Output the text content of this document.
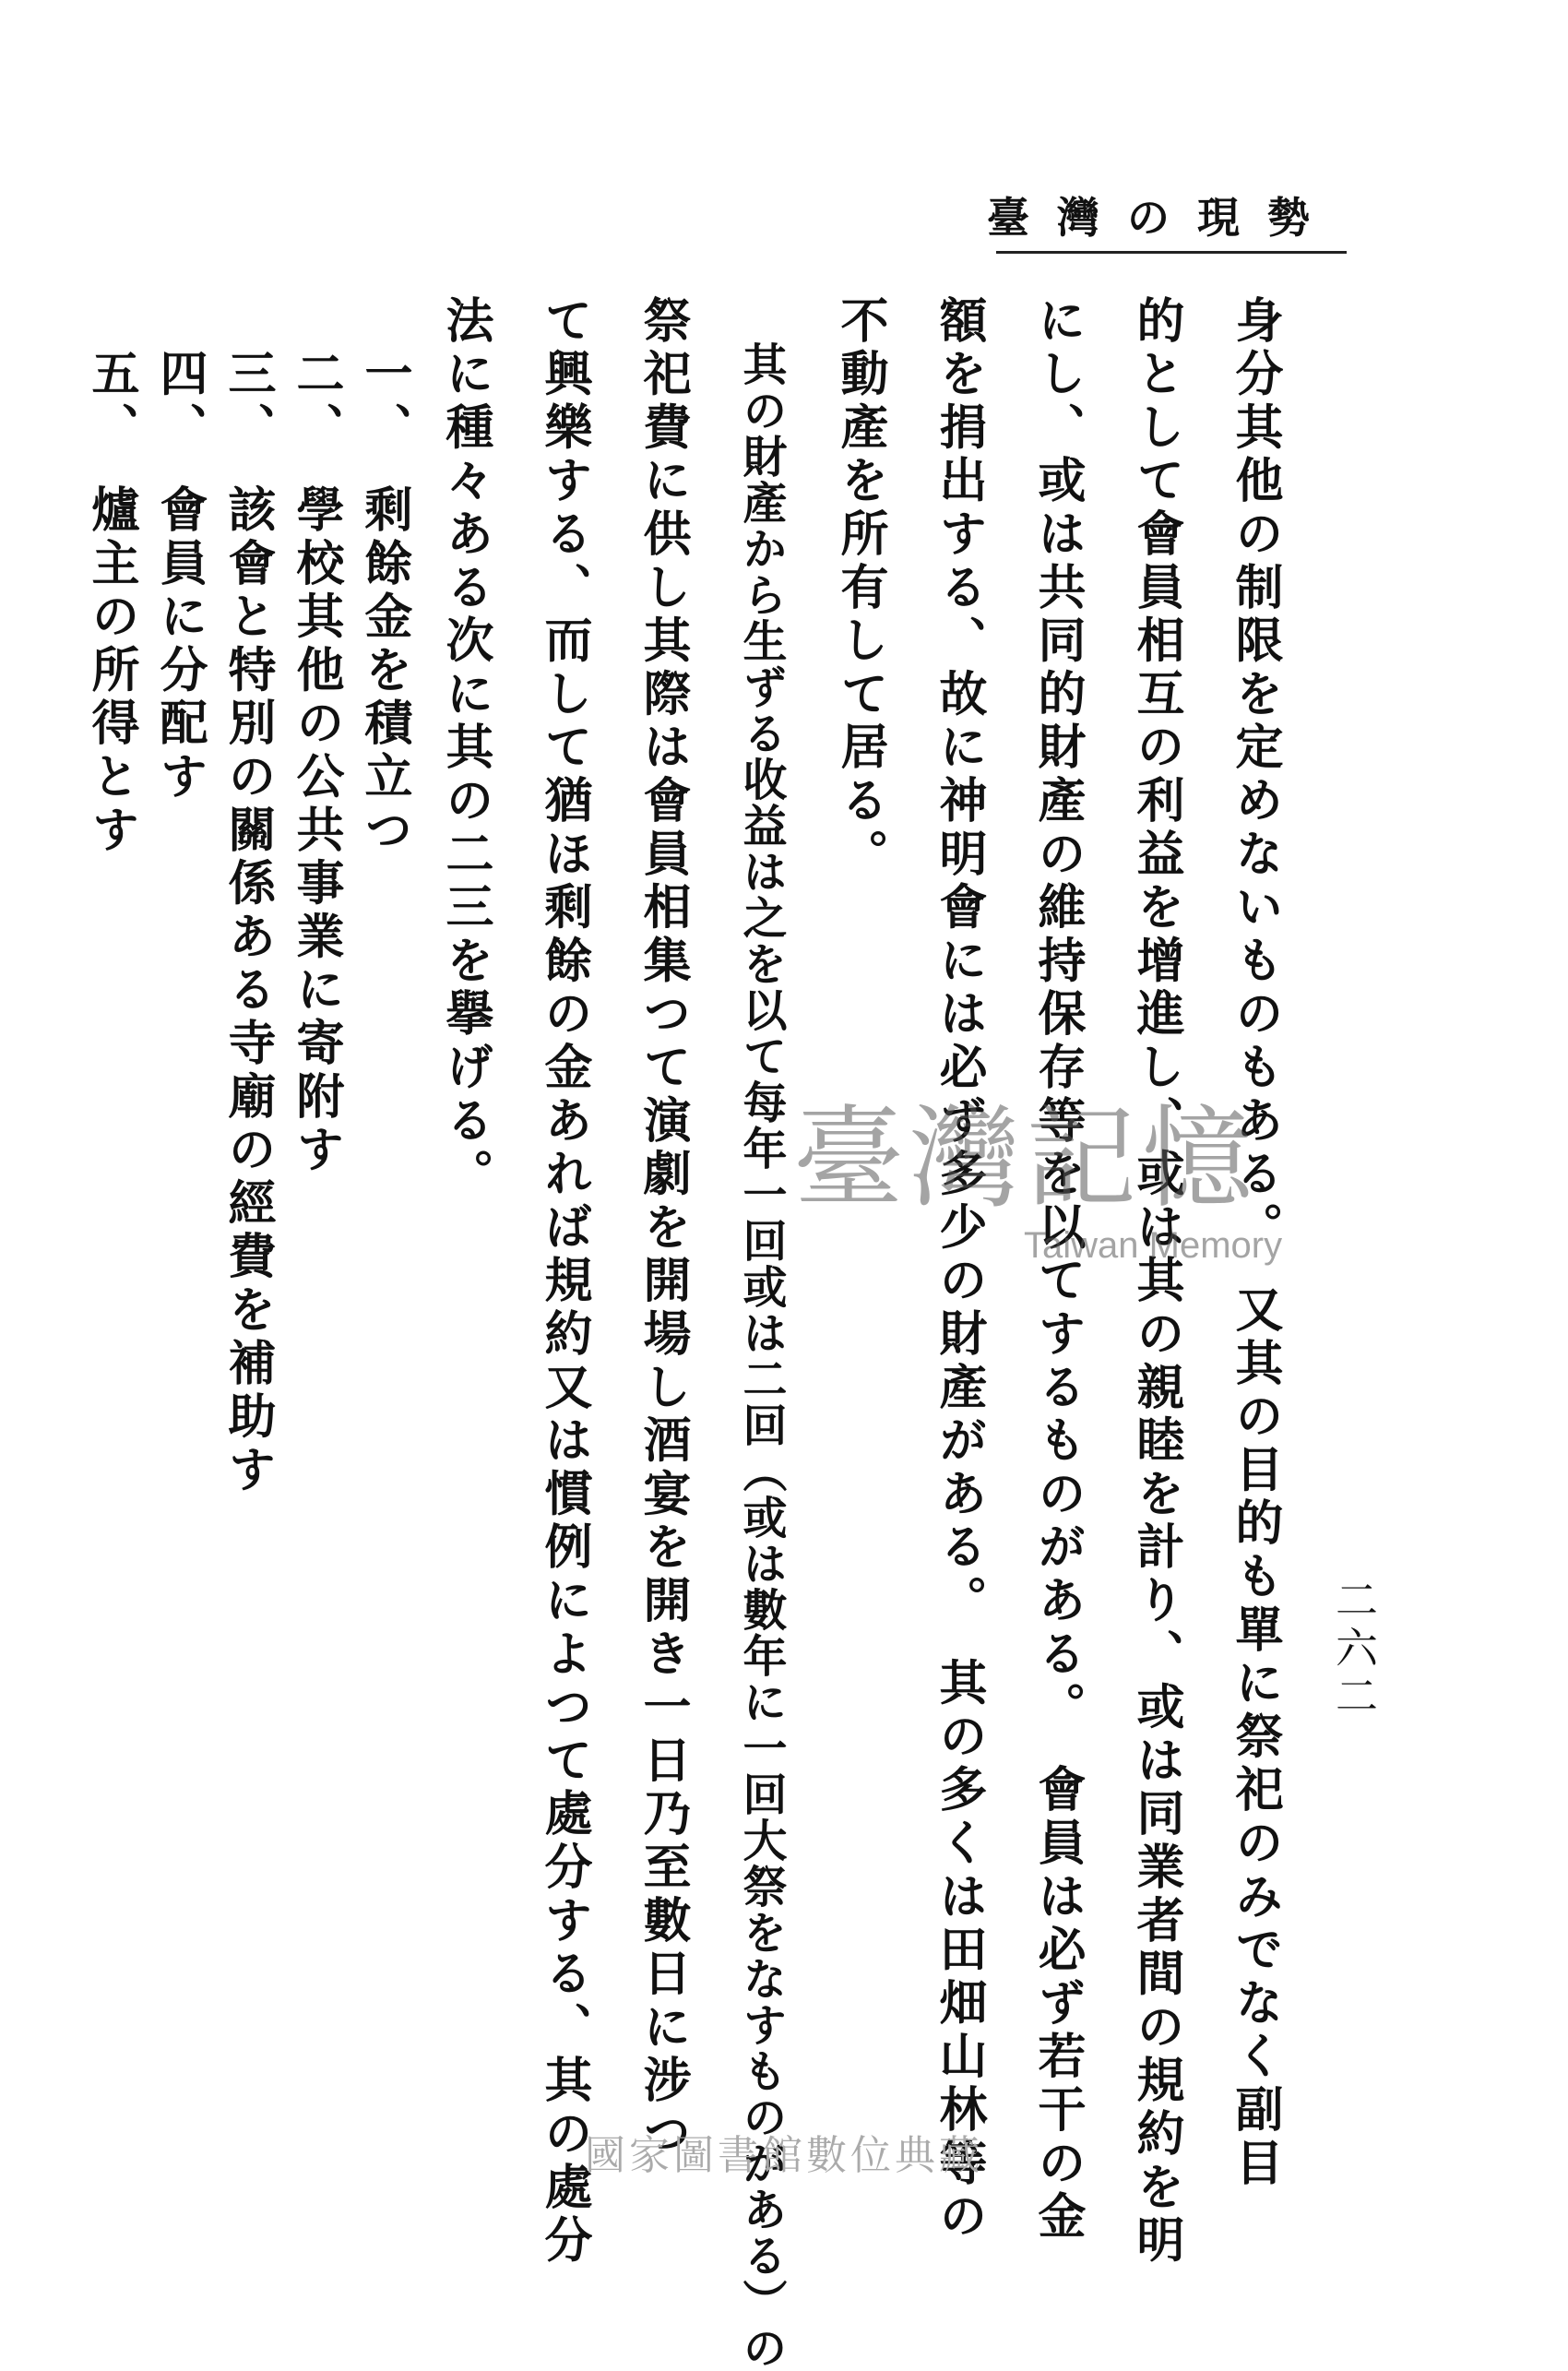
臺灣の現勢
二六二
身分其他の制限を定めないものもある。　又其の目的も單に祭祀のみでなく副目
的として會員相互の利益を增進し、或は其の親睦を計り、或は同業者間の規約を明
にし、或は共同的財產の維持保存等を以てするものがある。　會員は必ず若干の金
額を捐出する、故に神明會には必ず多少の財產がある。　其の多くは田畑山林等の
不動產を所有して居る。
　其の財產から生ずる收益は之を以て每年一回或は二回（或は數年に一回大祭をなすものがある）の
祭祀費に供し其際は會員相集つて演劇を開場し酒宴を開き一日乃至數日に涉つ
て興樂する、而して猶ほ剩餘の金あれば規約又は慣例によつて處分する、其の處分
法に種々ある次に其の二三を擧げる。
　一、　剩餘金を積立つ
　二、　學校其他の公共事業に寄附す
　三、　該會と特別の關係ある寺廟の經費を補助す
　四、　會員に分配す
　五、　爐主の所得とす
臺灣記憶
Taiwan Memory
國家圖書館數位典藏
